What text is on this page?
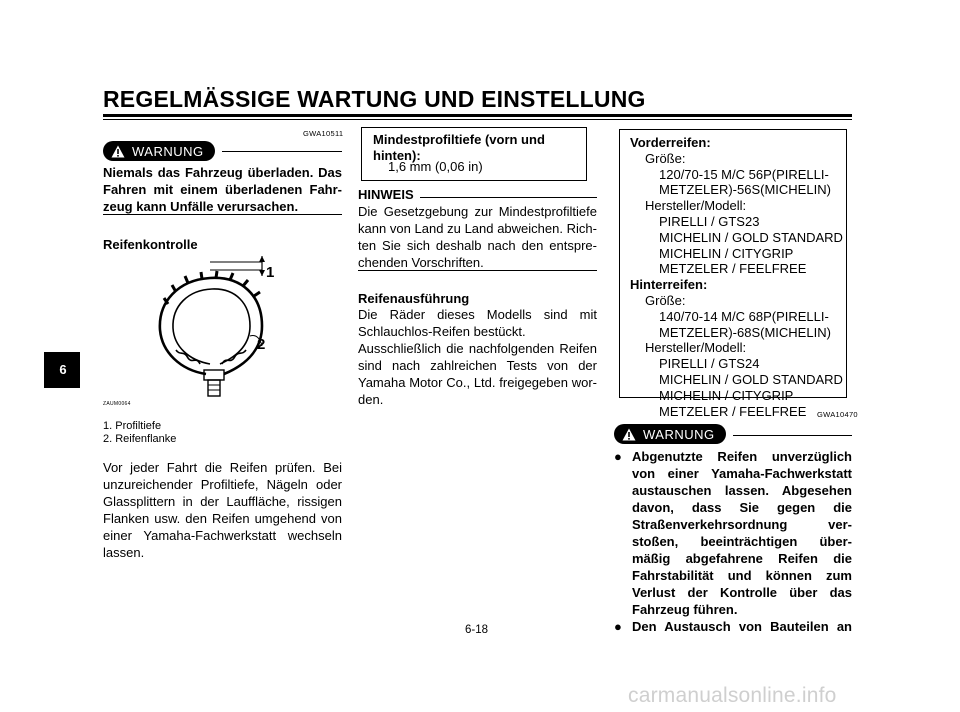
REGELMÄSSIGE WARTUNG UND EINSTELLUNG
6
GWA10511
WARNUNG
Niemals das Fahrzeug überladen. Das
Fahren mit einem überladenen Fahr-
zeug kann Unfälle verursachen.
Reifenkontrolle
1
2
ZAUM0064
1. Profiltiefe
2. Reifenflanke
Vor jeder Fahrt die Reifen prüfen. Bei
unzureichender Profiltiefe, Nägeln oder
Glassplittern in der Lauffläche, rissigen
Flanken usw. den Reifen umgehend von
einer Yamaha-Fachwerkstatt wechseln
lassen.
Mindestprofiltiefe (vorn und
hinten):
1,6 mm (0,06 in)
HINWEIS
Die Gesetzgebung zur Mindestprofiltiefe
kann von Land zu Land abweichen. Rich-
ten Sie sich deshalb nach den entspre-
chenden Vorschriften.
Reifenausführung
Die Räder dieses Modells sind mit
Schlauchlos-Reifen bestückt.
Ausschließlich die nachfolgenden Reifen
sind nach zahlreichen Tests von der
Yamaha Motor Co., Ltd. freigegeben wor-
den.
Vorderreifen:
Größe:
120/70-15 M/C 56P(PIRELLI-
METZELER)-56S(MICHELIN)
Hersteller/Modell:
PIRELLI / GTS23
MICHELIN / GOLD STANDARD
MICHELIN / CITYGRIP
METZELER / FEELFREE
Hinterreifen:
Größe:
140/70-14 M/C 68P(PIRELLI-
METZELER)-68S(MICHELIN)
Hersteller/Modell:
PIRELLI / GTS24
MICHELIN / GOLD STANDARD
MICHELIN / CITYGRIP
METZELER / FEELFREE	GWA10470
WARNUNG
● Abgenutzte Reifen unverzüglich
von einer Yamaha-Fachwerkstatt
austauschen lassen. Abgesehen
davon, dass Sie gegen die
Straßenverkehrsordnung ver-
stoßen, beeinträchtigen über-
mäßig abgefahrene Reifen die
Fahrstabilität und können zum
Verlust der Kontrolle über das
Fahrzeug führen.
● Den Austausch von Bauteilen an
6-18
carmanualsonline.info
